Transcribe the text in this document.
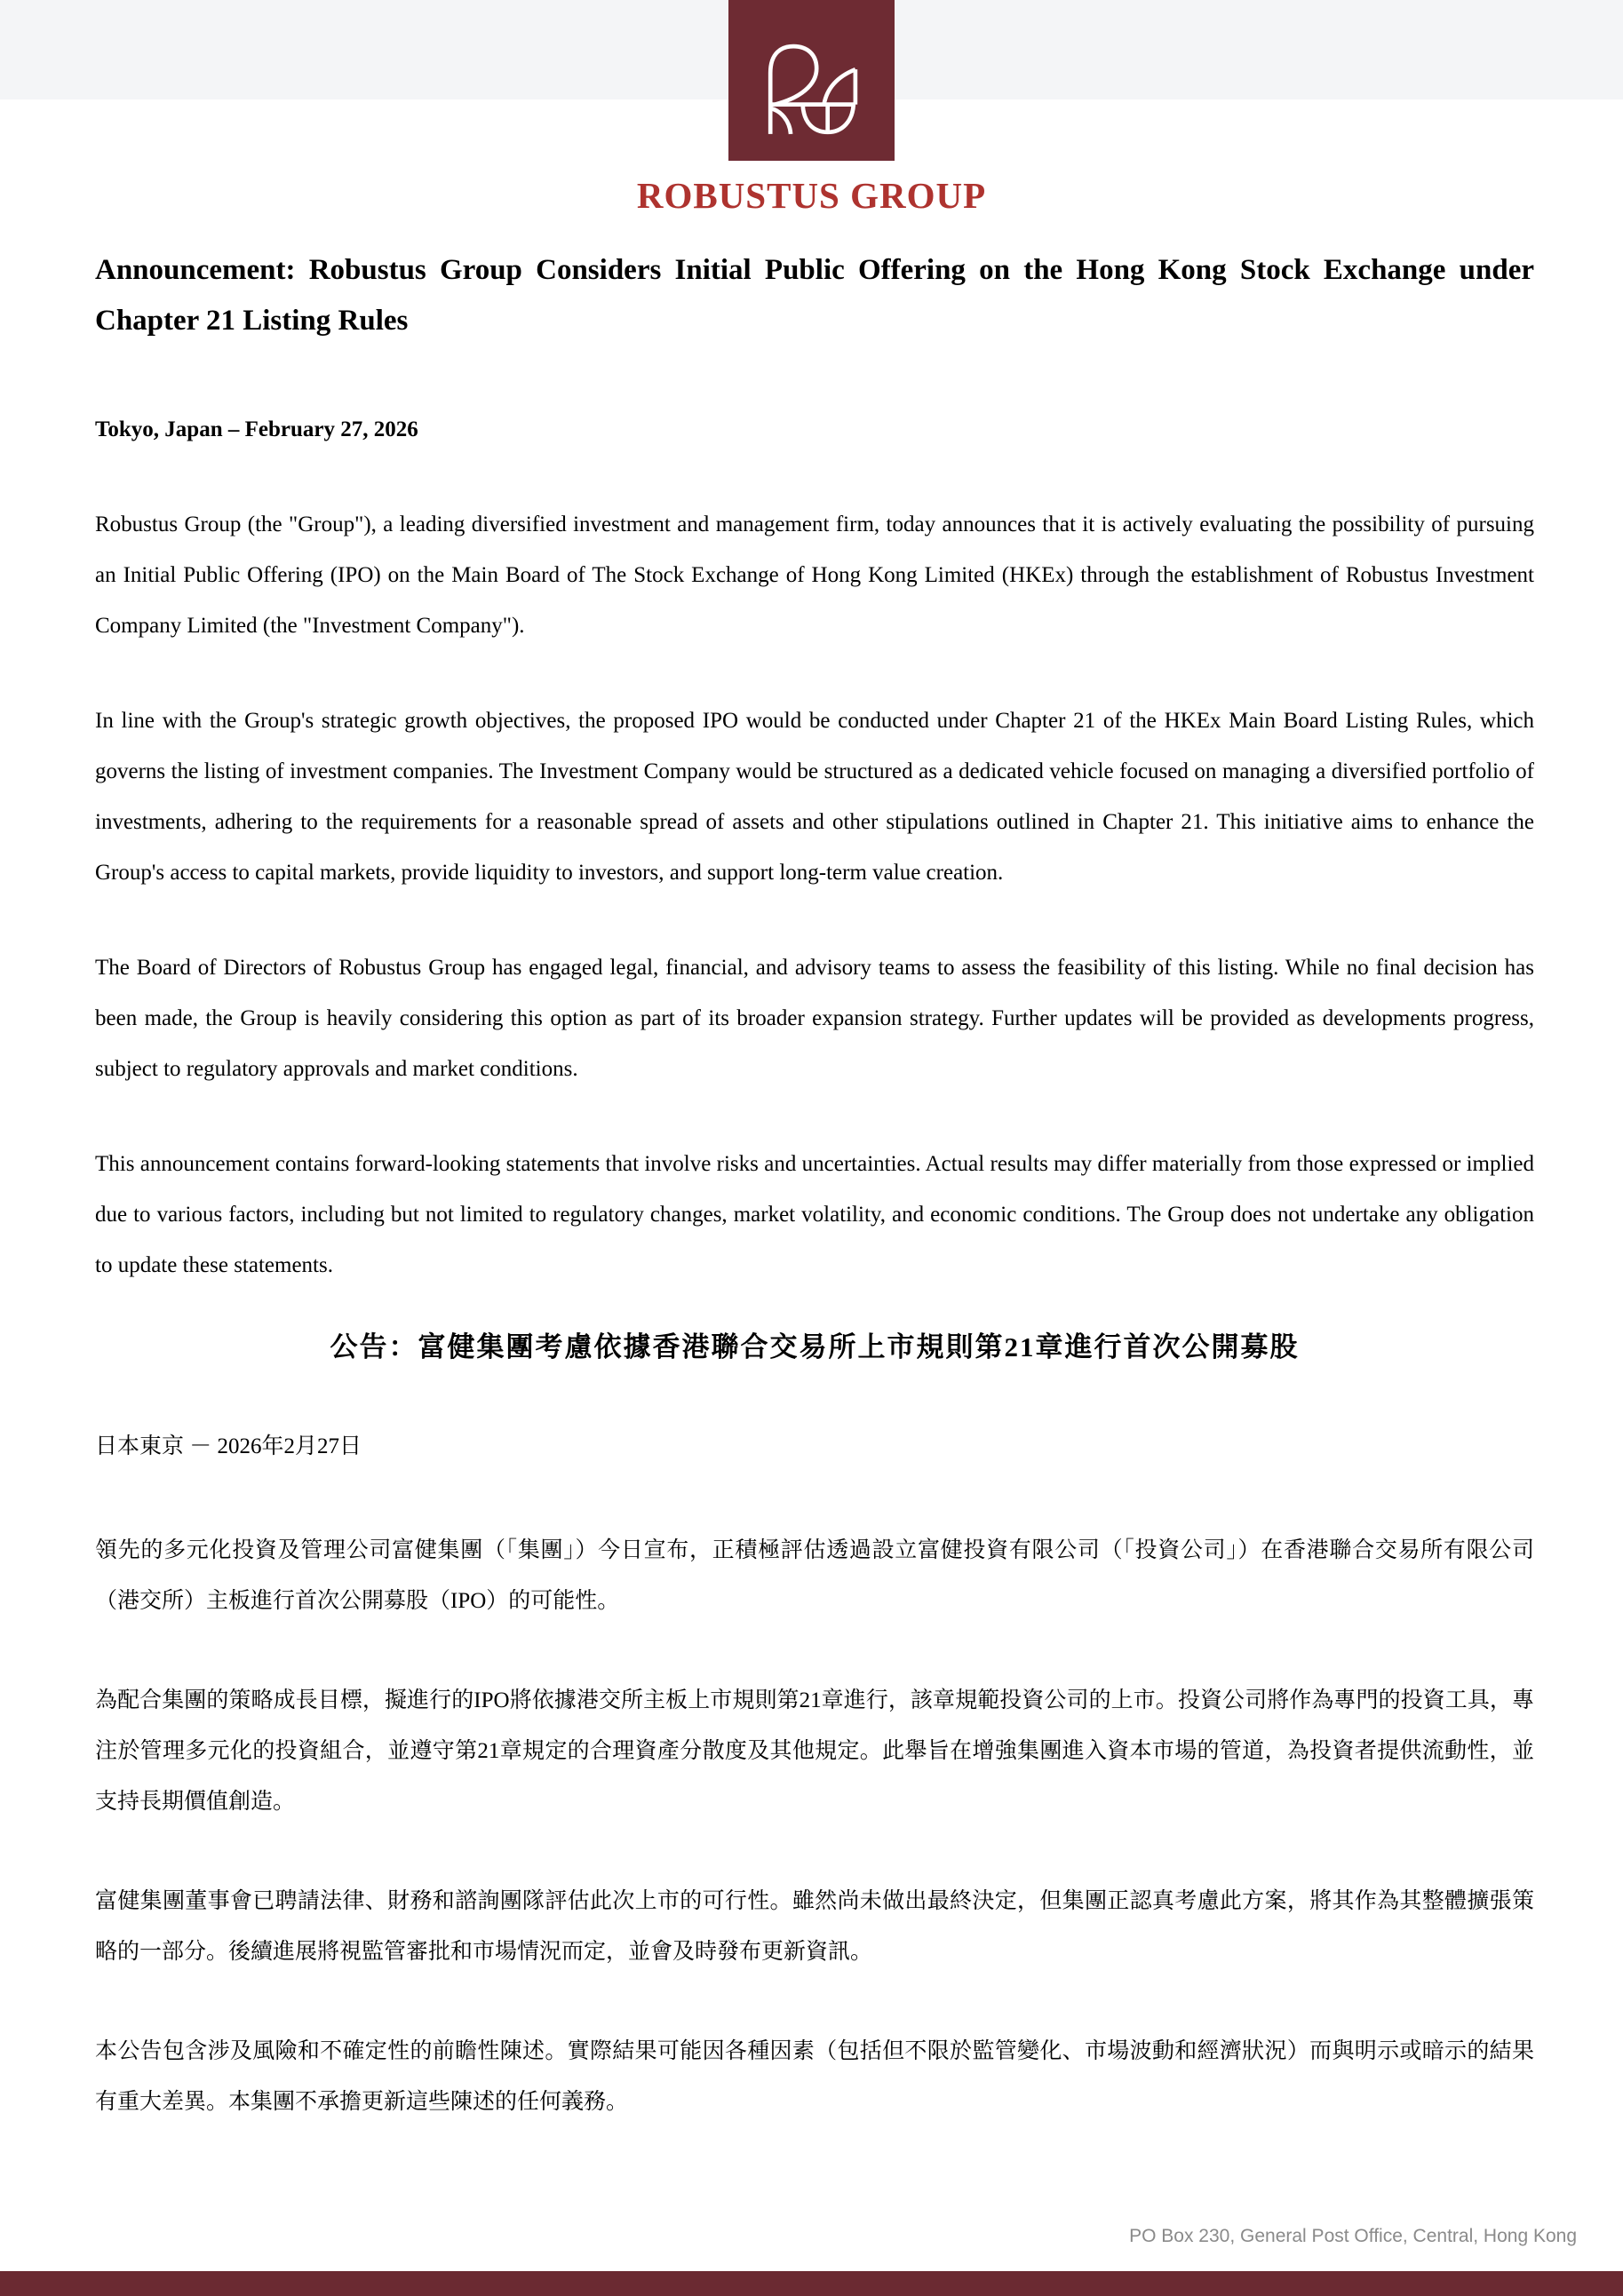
ROBUSTUS GROUP
Announcement: Robustus Group Considers Initial Public Offering on the Hong Kong Stock Exchange under Chapter 21 Listing Rules
Tokyo, Japan – February 27, 2026

Robustus Group (the "Group"), a leading diversified investment and management firm, today announces that it is actively evaluating the possibility of pursuing an Initial Public Offering (IPO) on the Main Board of The Stock Exchange of Hong Kong Limited (HKEx) through the establishment of Robustus Investment Company Limited (the "Investment Company").

In line with the Group's strategic growth objectives, the proposed IPO would be conducted under Chapter 21 of the HKEx Main Board Listing Rules, which governs the listing of investment companies. The Investment Company would be structured as a dedicated vehicle focused on managing a diversified portfolio of investments, adhering to the requirements for a reasonable spread of assets and other stipulations outlined in Chapter 21. This initiative aims to enhance the Group's access to capital markets, provide liquidity to investors, and support long-term value creation.

The Board of Directors of Robustus Group has engaged legal, financial, and advisory teams to assess the feasibility of this listing. While no final decision has been made, the Group is heavily considering this option as part of its broader expansion strategy. Further updates will be provided as developments progress, subject to regulatory approvals and market conditions.

This announcement contains forward-looking statements that involve risks and uncertainties. Actual results may differ materially from those expressed or implied due to various factors, including but not limited to regulatory changes, market volatility, and economic conditions. The Group does not undertake any obligation to update these statements.

公告：富健集團考慮依據香港聯合交易所上市規則第21章進行首次公開募股
日本東京 － 2026年2月27日

領先的多元化投資及管理公司富健集團（「集團」）今日宣布，正積極評估透過設立富健投資有限公司（「投資公司」）在香港聯合交易所有限公司（港交所）主板進行首次公開募股（IPO）的可能性。

為配合集團的策略成長目標，擬進行的IPO將依據港交所主板上市規則第21章進行，該章規範投資公司的上市。投資公司將作為專門的投資工具，專注於管理多元化的投資組合，並遵守第21章規定的合理資產分散度及其他規定。此舉旨在增強集團進入資本市場的管道，為投資者提供流動性，並支持長期價值創造。

富健集團董事會已聘請法律、財務和諮詢團隊評估此次上市的可行性。雖然尚未做出最終決定，但集團正認真考慮此方案，將其作為其整體擴張策略的一部分。後續進展將視監管審批和市場情況而定，並會及時發布更新資訊。

本公告包含涉及風險和不確定性的前瞻性陳述。實際結果可能因各種因素（包括但不限於監管變化、市場波動和經濟狀況）而與明示或暗示的結果有重大差異。本集團不承擔更新這些陳述的任何義務。

PO Box 230, General Post Office, Central, Hong Kong
